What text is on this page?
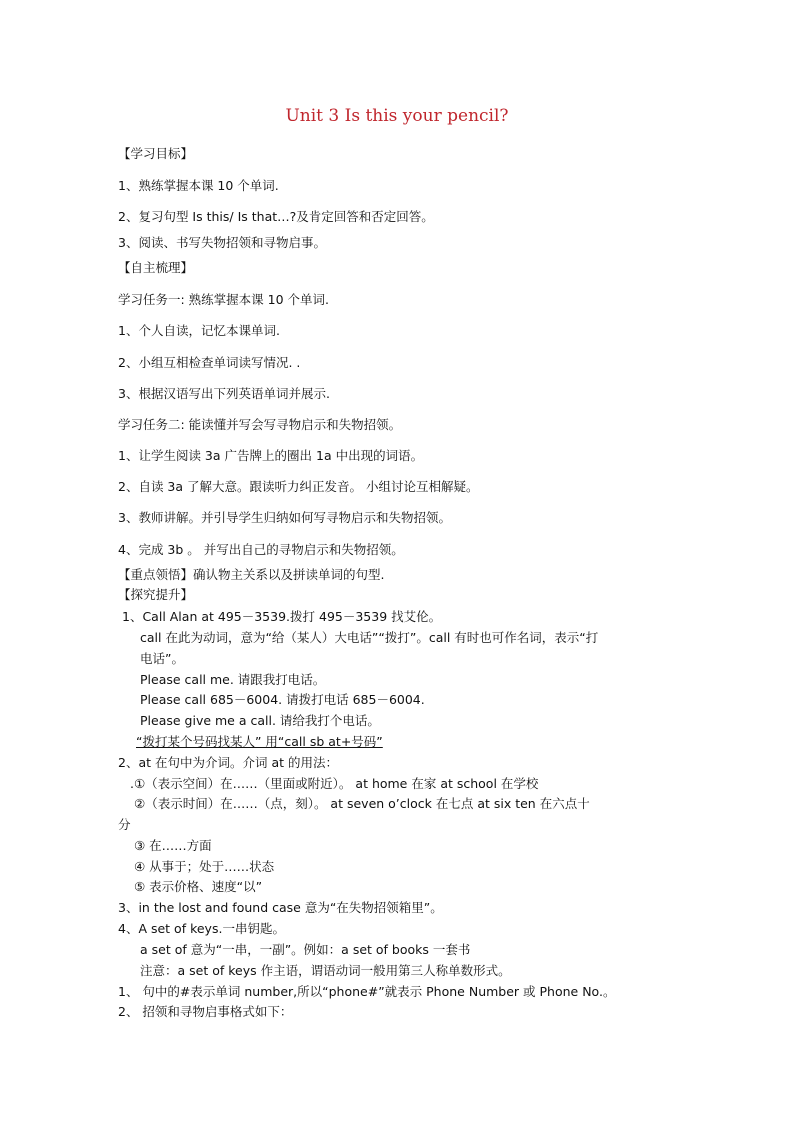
Unit 3 Is this your pencil?
【学习目标】
1、熟练掌握本课 10 个单词.
2、复习句型 Is this/ Is that…?及肯定回答和否定回答。
3、阅读、书写失物招领和寻物启事。
【自主梳理】
学习任务一: 熟练掌握本课 10 个单词.
1、个人自读，记忆本课单词.
2、小组互相检查单词读写情况. .
3、根据汉语写出下列英语单词并展示.
学习任务二: 能读懂并写会写寻物启示和失物招领。
1、让学生阅读 3a 广告牌上的圈出 1a 中出现的词语。
2、自读 3a 了解大意。跟读听力纠正发音。 小组讨论互相解疑。
3、教师讲解。并引导学生归纳如何写寻物启示和失物招领。
4、完成 3b 。 并写出自己的寻物启示和失物招领。
【重点领悟】确认物主关系以及拼读单词的句型.
【探究提升】
1、Call Alan at 495－3539.拨打 495－3539 找艾伦。
call 在此为动词，意为“给（某人）大电话”“拨打”。call 有时也可作名词，表示“打
电话”。
Please call me. 请跟我打电话。
Please call 685－6004. 请拨打电话 685－6004.
Please give me a call. 请给我打个电话。
“拨打某个号码找某人” 用“call sb at+号码”
2、at 在句中为介词。介词 at 的用法：
.①（表示空间）在……（里面或附近）。 at home 在家 at school 在学校
②（表示时间）在……（点，刻）。 at seven o’clock 在七点 at six ten 在六点十
分
③ 在……方面
④ 从事于；处于……状态
⑤ 表示价格、速度“以”
3、in the lost and found case 意为“在失物招领箱里”。
4、A set of keys.一串钥匙。
a set of 意为“一串，一副”。例如：a set of books 一套书
注意：a set of keys 作主语，谓语动词一般用第三人称单数形式。
1、 句中的#表示单词 number,所以“phone#”就表示 Phone Number 或 Phone No.。
2、 招领和寻物启事格式如下：
